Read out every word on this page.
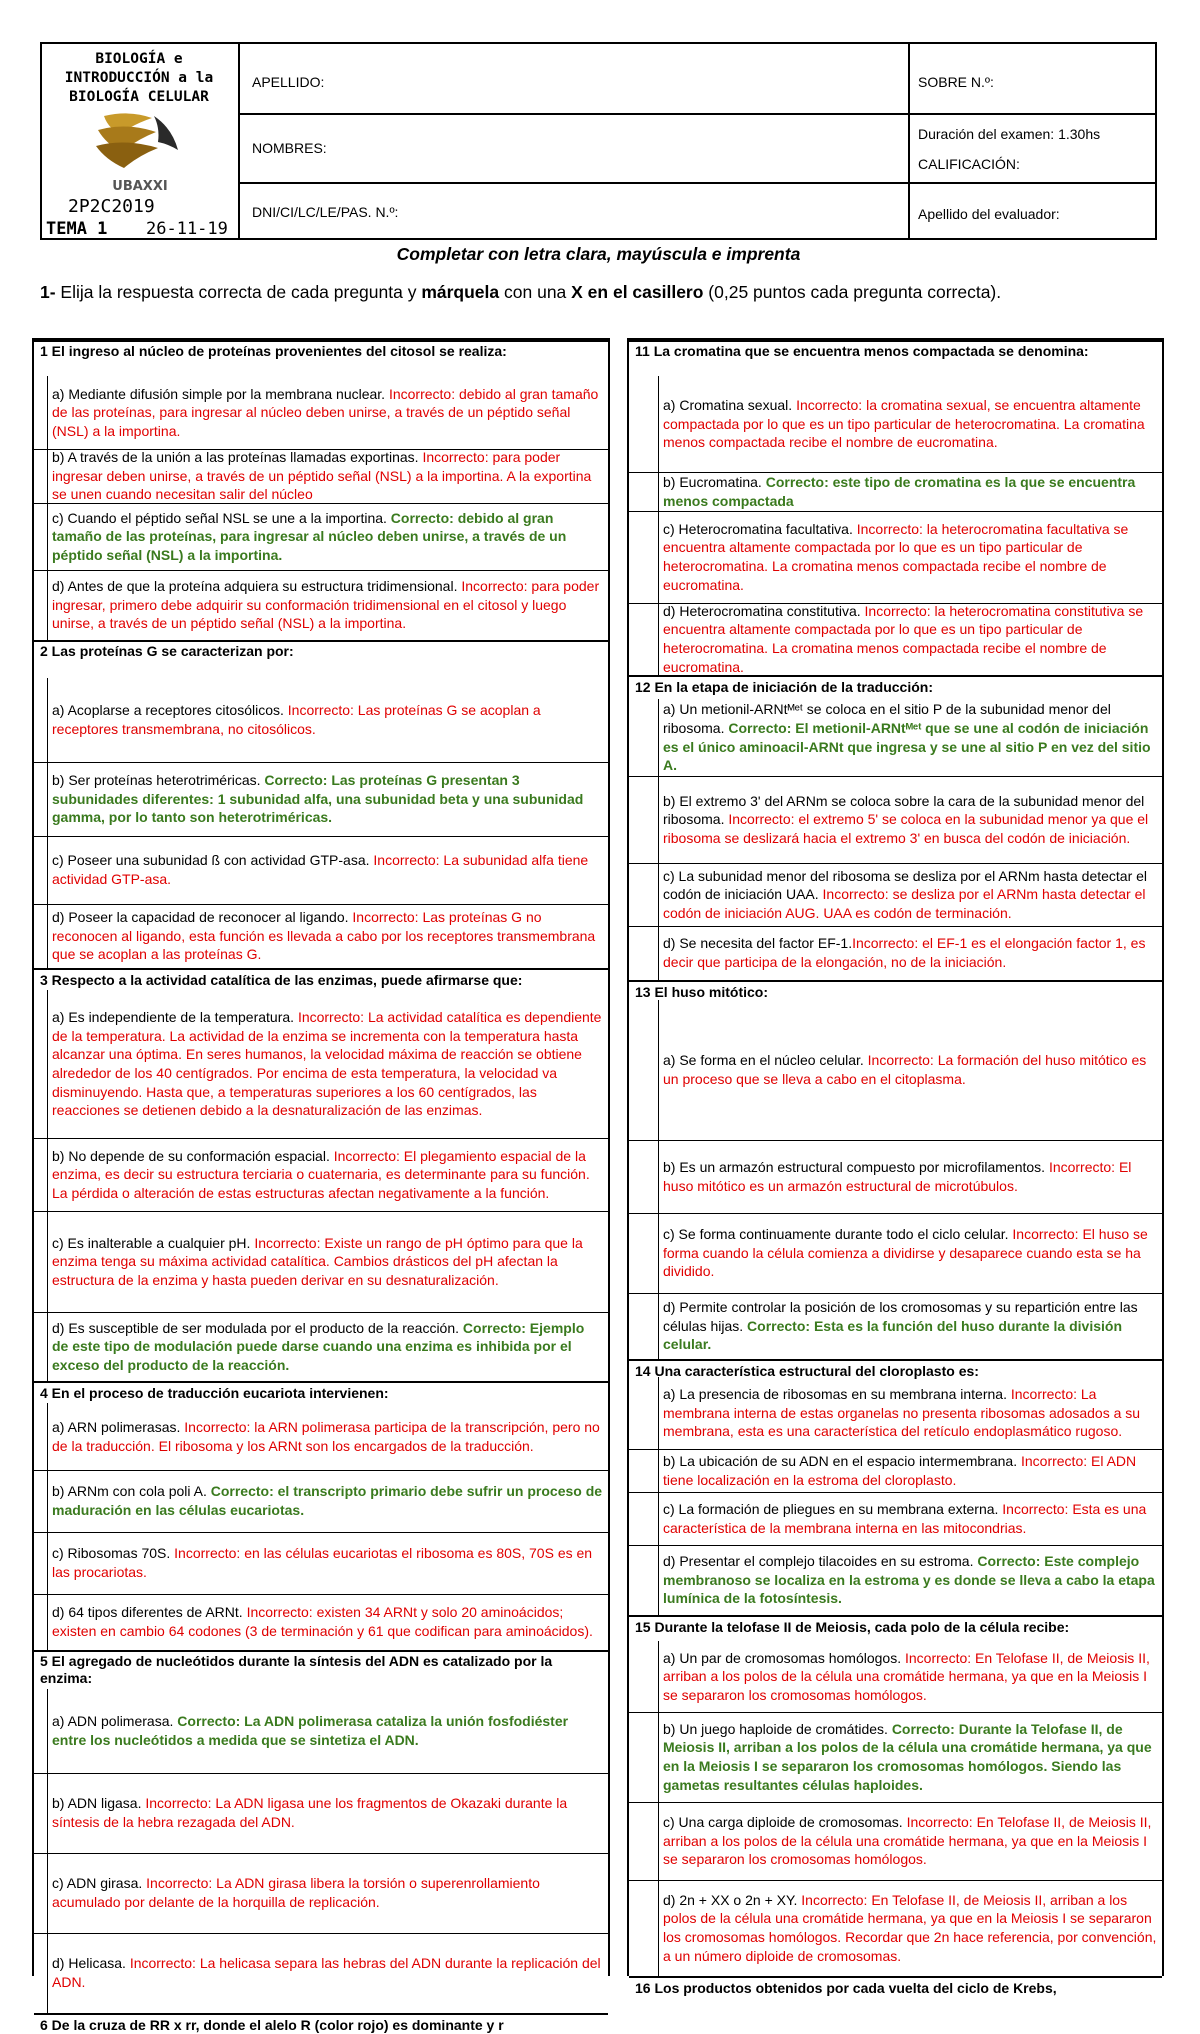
BIOLOGÍA e INTRODUCCIÓN a la BIOLOGÍA CELULAR
UBAXXI
2P2C2019
TEMA 1 26-11-19
APELLIDO:
NOMBRES:
DNI/CI/LC/LE/PAS. N.º:
SOBRE N.º:
Duración del examen: 1.30hs
CALIFICACIÓN:
Apellido del evaluador:
Completar con letra clara, mayúscula e imprenta
1- Elija la respuesta correcta de cada pregunta y márquela con una X en el casillero (0,25 puntos cada pregunta correcta).
1 El ingreso al núcleo de proteínas provenientes del citosol se realiza:
a) Mediante difusión simple por la membrana nuclear. Incorrecto: debido al gran tamaño de las proteínas, para ingresar al núcleo deben unirse, a través de un péptido señal (NSL) a la importina.
b) A través de la unión a las proteínas llamadas exportinas. Incorrecto: para poder ingresar deben unirse, a través de un péptido señal (NSL) a la importina. A la exportina se unen cuando necesitan salir del núcleo
c) Cuando el péptido señal NSL se une a la importina. Correcto: debido al gran tamaño de las proteínas, para ingresar al núcleo deben unirse, a través de un péptido señal (NSL) a la importina.
d) Antes de que la proteína adquiera su estructura tridimensional. Incorrecto: para poder ingresar, primero debe adquirir su conformación tridimensional en el citosol y luego unirse, a través de un péptido señal (NSL) a la importina.
2 Las proteínas G se caracterizan por:
a) Acoplarse a receptores citosólicos. Incorrecto: Las proteínas G se acoplan a receptores transmembrana, no citosólicos.
b) Ser proteínas heterotriméricas. Correcto: Las proteínas G presentan 3 subunidades diferentes: 1 subunidad alfa, una subunidad beta y una subunidad gamma, por lo tanto son heterotriméricas.
c) Poseer una subunidad ß con actividad GTP-asa. Incorrecto: La subunidad alfa tiene actividad GTP-asa.
d) Poseer la capacidad de reconocer al ligando. Incorrecto: Las proteínas G no reconocen al ligando, esta función es llevada a cabo por los receptores transmembrana que se acoplan a las proteínas G.
3 Respecto a la actividad catalítica de las enzimas, puede afirmarse que:
a) Es independiente de la temperatura. Incorrecto: La actividad catalítica es dependiente de la temperatura. La actividad de la enzima se incrementa con la temperatura hasta alcanzar una óptima. En seres humanos, la velocidad máxima de reacción se obtiene alrededor de los 40 centígrados. Por encima de esta temperatura, la velocidad va disminuyendo. Hasta que, a temperaturas superiores a los 60 centígrados, las reacciones se detienen debido a la desnaturalización de las enzimas.
b) No depende de su conformación espacial. Incorrecto: El plegamiento espacial de la enzima, es decir su estructura terciaria o cuaternaria, es determinante para su función. La pérdida o alteración de estas estructuras afectan negativamente a la función.
c) Es inalterable a cualquier pH. Incorrecto: Existe un rango de pH óptimo para que la enzima tenga su máxima actividad catalítica. Cambios drásticos del pH afectan la estructura de la enzima y hasta pueden derivar en su desnaturalización.
d) Es susceptible de ser modulada por el producto de la reacción. Correcto: Ejemplo de este tipo de modulación puede darse cuando una enzima es inhibida por el exceso del producto de la reacción.
4 En el proceso de traducción eucariota intervienen:
a) ARN polimerasas. Incorrecto: la ARN polimerasa participa de la transcripción, pero no de la traducción. El ribosoma y los ARNt son los encargados de la traducción.
b) ARNm con cola poli A. Correcto: el transcripto primario debe sufrir un proceso de maduración en las células eucariotas.
c) Ribosomas 70S. Incorrecto: en las células eucariotas el ribosoma es 80S, 70S es en las procariotas.
d) 64 tipos diferentes de ARNt. Incorrecto: existen 34 ARNt y solo 20 aminoácidos; existen en cambio 64 codones (3 de terminación y 61 que codifican para aminoácidos).
5 El agregado de nucleótidos durante la síntesis del ADN es catalizado por la enzima:
a) ADN polimerasa. Correcto: La ADN polimerasa cataliza la unión fosfodiéster entre los nucleótidos a medida que se sintetiza el ADN.
b) ADN ligasa. Incorrecto: La ADN ligasa une los fragmentos de Okazaki durante la síntesis de la hebra rezagada del ADN.
c) ADN girasa. Incorrecto: La ADN girasa libera la torsión o superenrollamiento acumulado por delante de la horquilla de replicación.
d) Helicasa. Incorrecto: La helicasa separa las hebras del ADN durante la replicación del ADN.
6 De la cruza de RR x rr, donde el alelo R (color rojo) es dominante y r
11 La cromatina que se encuentra menos compactada se denomina:
a) Cromatina sexual. Incorrecto: la cromatina sexual, se encuentra altamente compactada por lo que es un tipo particular de heterocromatina. La cromatina menos compactada recibe el nombre de eucromatina.
b) Eucromatina. Correcto: este tipo de cromatina es la que se encuentra menos compactada
c) Heterocromatina facultativa. Incorrecto: la heterocromatina facultativa se encuentra altamente compactada por lo que es un tipo particular de heterocromatina. La cromatina menos compactada recibe el nombre de eucromatina.
d) Heterocromatina constitutiva. Incorrecto: la heterocromatina constitutiva se encuentra altamente compactada por lo que es un tipo particular de heterocromatina. La cromatina menos compactada recibe el nombre de eucromatina.
12 En la etapa de iniciación de la traducción:
a) Un metionil-ARNtᴹᵉᵗ se coloca en el sitio P de la subunidad menor del ribosoma. Correcto: El metionil-ARNtᴹᵉᵗ que se une al codón de iniciación es el único aminoacil-ARNt que ingresa y se une al sitio P en vez del sitio A.
b) El extremo 3' del ARNm se coloca sobre la cara de la subunidad menor del ribosoma. Incorrecto: el extremo 5' se coloca en la subunidad menor ya que el ribosoma se deslizará hacia el extremo 3' en busca del codón de iniciación.
c) La subunidad menor del ribosoma se desliza por el ARNm hasta detectar el codón de iniciación UAA. Incorrecto: se desliza por el ARNm hasta detectar el codón de iniciación AUG. UAA es codón de terminación.
d) Se necesita del factor EF-1.Incorrecto: el EF-1 es el elongación factor 1, es decir que participa de la elongación, no de la iniciación.
13 El huso mitótico:
a) Se forma en el núcleo celular. Incorrecto: La formación del huso mitótico es un proceso que se lleva a cabo en el citoplasma.
b) Es un armazón estructural compuesto por microfilamentos. Incorrecto: El huso mitótico es un armazón estructural de microtúbulos.
c) Se forma continuamente durante todo el ciclo celular. Incorrecto: El huso se forma cuando la célula comienza a dividirse y desaparece cuando esta se ha dividido.
d) Permite controlar la posición de los cromosomas y su repartición entre las células hijas. Correcto: Esta es la función del huso durante la división celular.
14 Una característica estructural del cloroplasto es:
a) La presencia de ribosomas en su membrana interna. Incorrecto: La membrana interna de estas organelas no presenta ribosomas adosados a su membrana, esta es una característica del retículo endoplasmático rugoso.
b) La ubicación de su ADN en el espacio intermembrana. Incorrecto: El ADN tiene localización en la estroma del cloroplasto.
c) La formación de pliegues en su membrana externa. Incorrecto: Esta es una característica de la membrana interna en las mitocondrias.
d) Presentar el complejo tilacoides en su estroma. Correcto: Este complejo membranoso se localiza en la estroma y es donde se lleva a cabo la etapa lumínica de la fotosíntesis.
15 Durante la telofase II de Meiosis, cada polo de la célula recibe:
a) Un par de cromosomas homólogos. Incorrecto: En Telofase II, de Meiosis II, arriban a los polos de la célula una cromátide hermana, ya que en la Meiosis I se separaron los cromosomas homólogos.
b) Un juego haploide de cromátides. Correcto: Durante la Telofase II, de Meiosis II, arriban a los polos de la célula una cromátide hermana, ya que en la Meiosis I se separaron los cromosomas homólogos. Siendo las gametas resultantes células haploides.
c) Una carga diploide de cromosomas. Incorrecto: En Telofase II, de Meiosis II, arriban a los polos de la célula una cromátide hermana, ya que en la Meiosis I se separaron los cromosomas homólogos.
d) 2n + XX o 2n + XY. Incorrecto: En Telofase II, de Meiosis II, arriban a los polos de la célula una cromátide hermana, ya que en la Meiosis I se separaron los cromosomas homólogos. Recordar que 2n hace referencia, por convención, a un número diploide de cromosomas.
16 Los productos obtenidos por cada vuelta del ciclo de Krebs,
